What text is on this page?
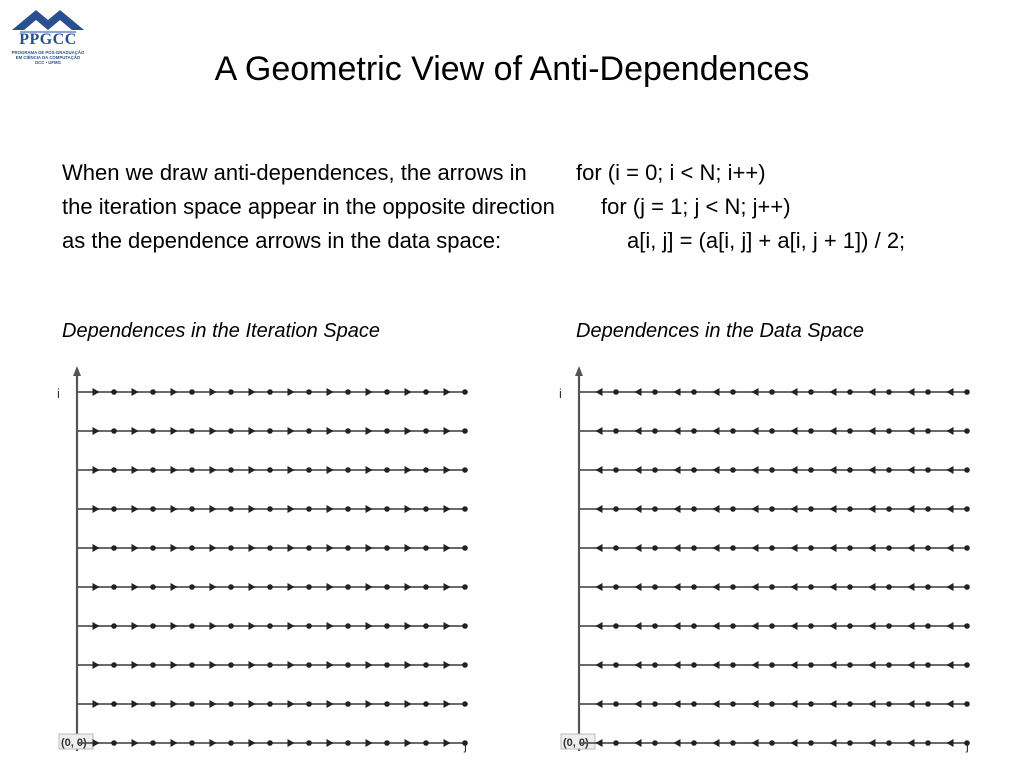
PPGCC
PROGRAMA DE PÓS-GRADUAÇÃO
EM CIÊNCIA DA COMPUTAÇÃO
DCC • UFMG	A Geometric View of Anti-Dependences
When we draw anti-dependences, the arrows in the iteration space appear in the opposite direction as the dependence arrows in the data space:
for (i = 0; i < N; i++)
for (j = 1; j < N; j++)
a[i, j] = (a[i, j] + a[i, j + 1]) / 2;
Dependences in the Iteration Space	Dependences in the Data Space
i
(0, 0)
i
(0, 0)
